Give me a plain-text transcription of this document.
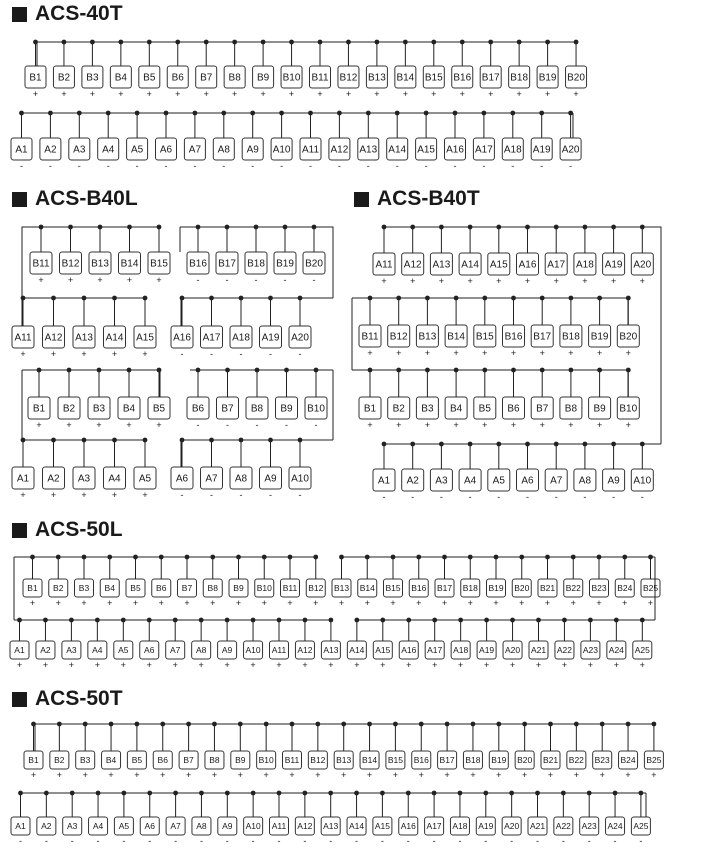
ACS-40T
ACS-B40L	ACS-B40T
ACS-50L
ACS-50T
B1
+
B2
+
B3
+
B4
+
B5
+
B6
+
B7
+
B8
+
B9
+
B10
+
B11
+
B12
+
B13
+
B14
+
B15
+
B16
+
B17
+
B18
+
B19
+
B20
+
A1
-
A2
-
A3
-
A4
-
A5
-
A6
-
A7
-
A8
-
A9
-
A10
-
A11
-
A12
-
A13
-
A14
-
A15
-
A16
-
A17
-
A18
-
A19
-
A20
-
B11
+
B12
+
B13
+
B14
+
B15
+
B16
-
B17
-
B18
-
B19
-
B20
-
A11
+
A12
+
A13
+
A14
+
A15
+
A16
-
A17
-
A18
-
A19
-
A20
-
B1
+
B2
+
B3
+
B4
+
B5
+
B6
-
B7
-
B8
-
B9
-
B10
-
A1
+
A2
+
A3
+
A4
+
A5
+
A6
-
A7
-
A8
-
A9
-
A10
-
A11
+
A12
+
A13
+
A14
+
A15
+
A16
+
A17
+
A18
+
A19
+
A20
+
B11
+
B12
+
B13
+
B14
+
B15
+
B16
+
B17
+
B18
+
B19
+
B20
+
B1
+
B2
+
B3
+
B4
+
B5
+
B6
+
B7
+
B8
+
B9
+
B10
+
A1
-
A2
-
A3
-
A4
-
A5
-
A6
-
A7
-
A8
-
A9
-
A10
-
B1
+
B2
+
B3
+
B4
+
B5
+
B6
+
B7
+
B8
+
B9
+
B10
+
B11
+
B12
+
B13
+
B14
+
B15
+
B16
+
B17
+
B18
+
B19
+
B20
+
B21
+
B22
+
B23
+
B24
+
B25
+
A1
+
A2
+
A3
+
A4
+
A5
+
A6
+
A7
+
A8
+
A9
+
A10
+
A11
+
A12
+
A13
+
A14
+
A15
+
A16
+
A17
+
A18
+
A19
+
A20
+
A21
+
A22
+
A23
+
A24
+
A25
+
B1
+
B2
+
B3
+
B4
+
B5
+
B6
+
B7
+
B8
+
B9
+
B10
+
B11
+
B12
+
B13
+
B14
+
B15
+
B16
+
B17
+
B18
+
B19
+
B20
+
B21
+
B22
+
B23
+
B24
+
B25
+
A1
-
A2
-
A3
-
A4
-
A5
-
A6
-
A7
-
A8
-
A9
-
A10
-
A11
-
A12
-
A13
-
A14
-
A15
-
A16
-
A17
-
A18
-
A19
-
A20
-
A21
-
A22
-
A23
-
A24
-
A25
-
